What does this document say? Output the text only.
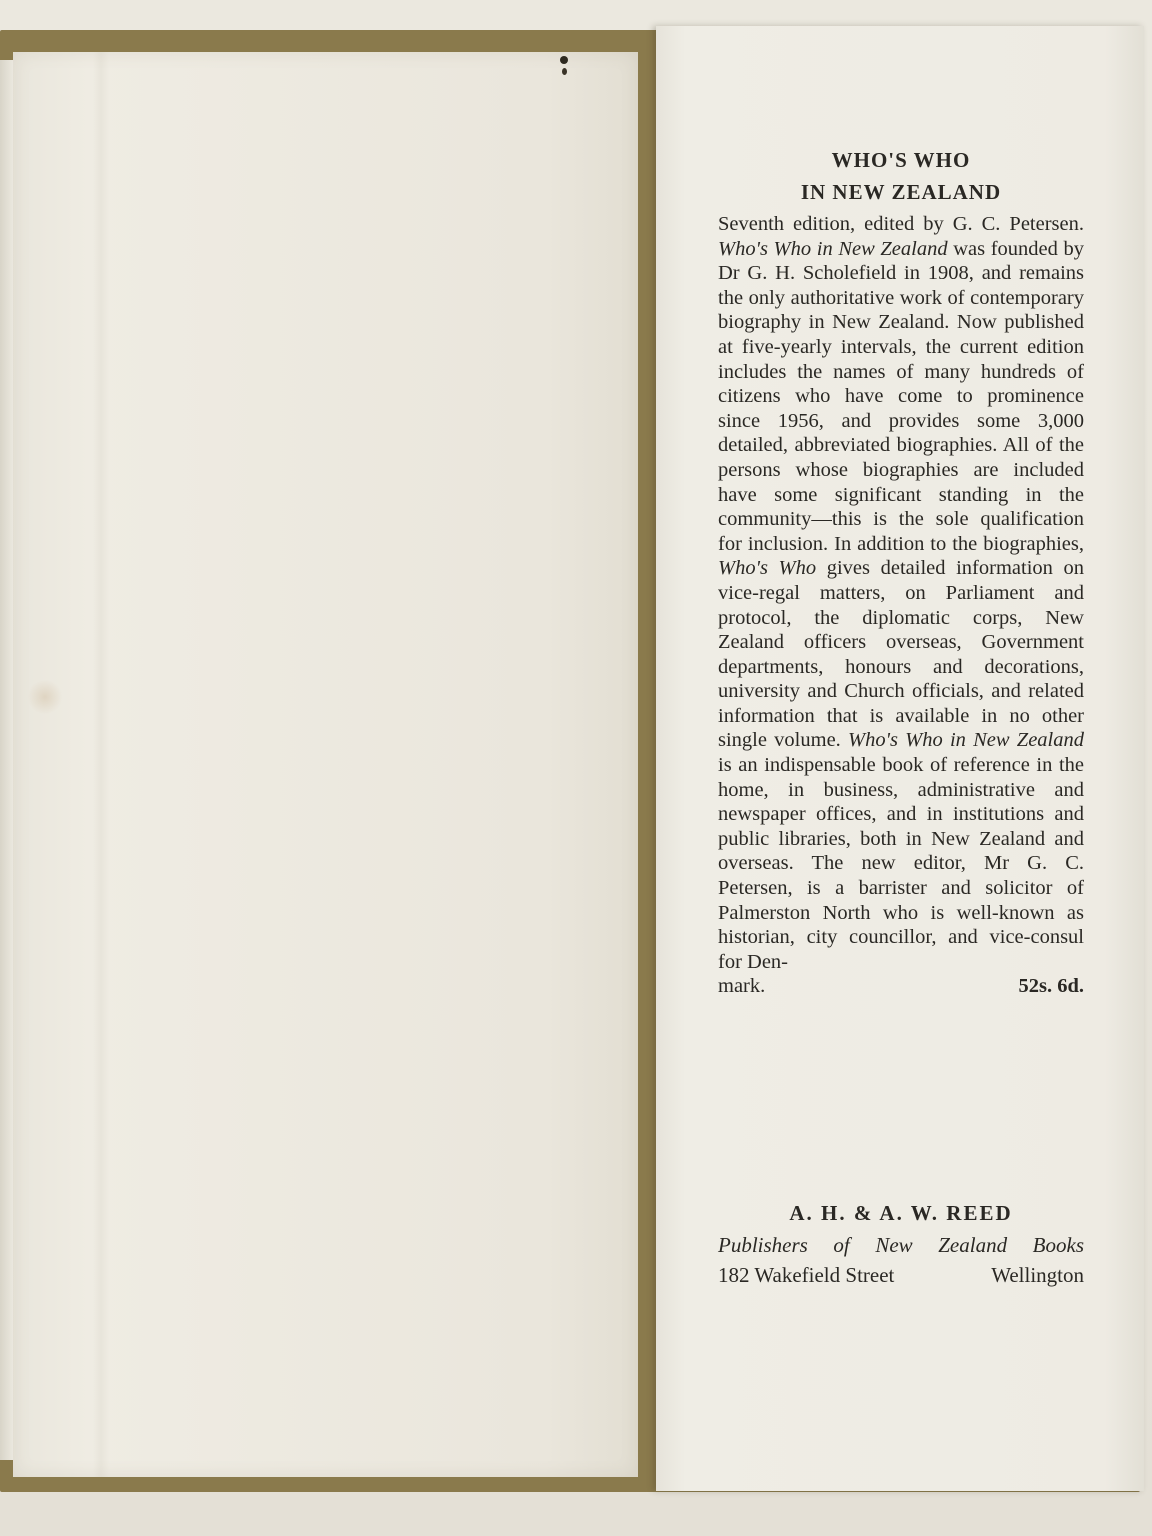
WHO'S WHO
IN NEW ZEALAND
Seventh edition, edited by G. C. Petersen. Who's Who in New Zealand was founded by Dr G. H. Scholefield in 1908, and remains the only authoritative work of contemporary biography in New Zealand. Now published at five-yearly intervals, the current edition includes the names of many hundreds of citizens who have come to prominence since 1956, and provides some 3,000 detailed, abbreviated biographies. All of the persons whose biographies are included have some significant standing in the community—this is the sole qualification for inclusion. In addition to the biographies, Who's Who gives detailed information on vice-regal matters, on Parliament and protocol, the diplomatic corps, New Zealand officers overseas, Government departments, honours and decorations, university and Church officials, and related information that is available in no other single volume. Who's Who in New Zealand is an indispensable book of reference in the home, in business, administrative and newspaper offices, and in institutions and public libraries, both in New Zealand and overseas. The new editor, Mr G. C. Petersen, is a barrister and solicitor of Palmerston North who is well-known as historian, city councillor, and vice-consul for Den-
mark.	52s. 6d.
A. H. & A. W. REED
Publishers of New Zealand Books
182 Wakefield Street	Wellington
